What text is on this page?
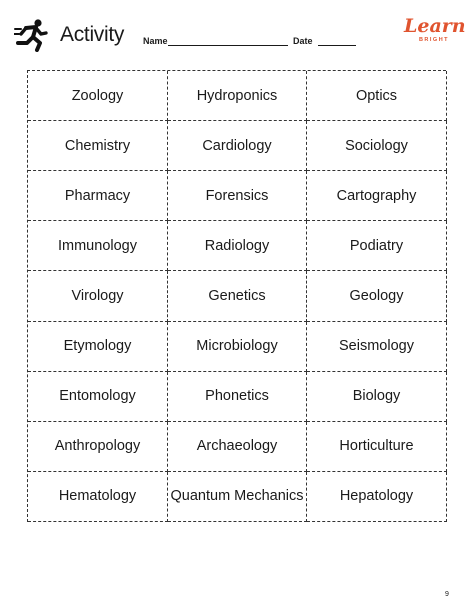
Activity Name	Date
Learn
BRIGHT
Zoology	Hydroponics	Optics
Chemistry	Cardiology	Sociology
Pharmacy	Forensics	Cartography
Immunology	Radiology	Podiatry
Virology	Genetics	Geology
Etymology	Microbiology	Seismology
Entomology	Phonetics	Biology
Anthropology	Archaeology	Horticulture
Hematology	Quantum Mechanics	Hepatology
9
